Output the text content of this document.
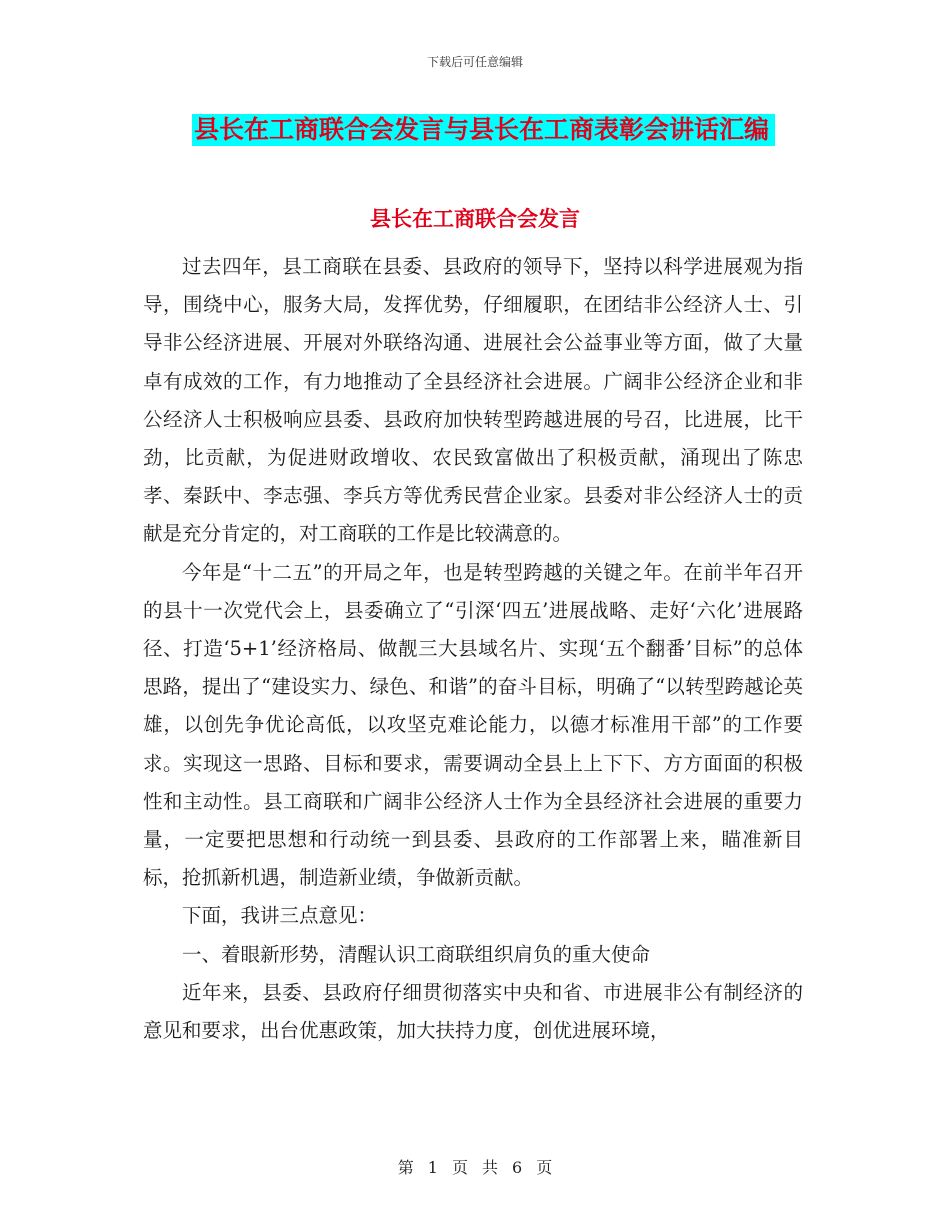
下载后可任意编辑
县长在工商联合会发言与县长在工商表彰会讲话汇编
县长在工商联合会发言

过去四年，县工商联在县委、县政府的领导下，坚持以科学进展观为指导，围绕中心，服务大局，发挥优势，仔细履职，在团结非公经济人士、引导非公经济进展、开展对外联络沟通、进展社会公益事业等方面，做了大量卓有成效的工作，有力地推动了全县经济社会进展。广阔非公经济企业和非公经济人士积极响应县委、县政府加快转型跨越进展的号召，比进展，比干劲，比贡献，为促进财政增收、农民致富做出了积极贡献，涌现出了陈忠孝、秦跃中、李志强、李兵方等优秀民营企业家。县委对非公经济人士的贡献是充分肯定的，对工商联的工作是比较满意的。

今年是“十二五”的开局之年，也是转型跨越的关键之年。在前半年召开的县十一次党代会上，县委确立了“引深‘四五’进展战略、走好‘六化’进展路径、打造‘5+1’经济格局、做靓三大县域名片、实现‘五个翻番’目标”的总体思路，提出了“建设实力、绿色、和谐”的奋斗目标，明确了“以转型跨越论英雄，以创先争优论高低，以攻坚克难论能力，以德才标准用干部”的工作要求。实现这一思路、目标和要求，需要调动全县上上下下、方方面面的积极性和主动性。县工商联和广阔非公经济人士作为全县经济社会进展的重要力量，一定要把思想和行动统一到县委、县政府的工作部署上来，瞄准新目标，抢抓新机遇，制造新业绩，争做新贡献。

下面，我讲三点意见：

一、着眼新形势，清醒认识工商联组织肩负的重大使命

近年来，县委、县政府仔细贯彻落实中央和省、市进展非公有制经济的意见和要求，出台优惠政策，加大扶持力度，创优进展环境，

第 1 页 共 6 页
